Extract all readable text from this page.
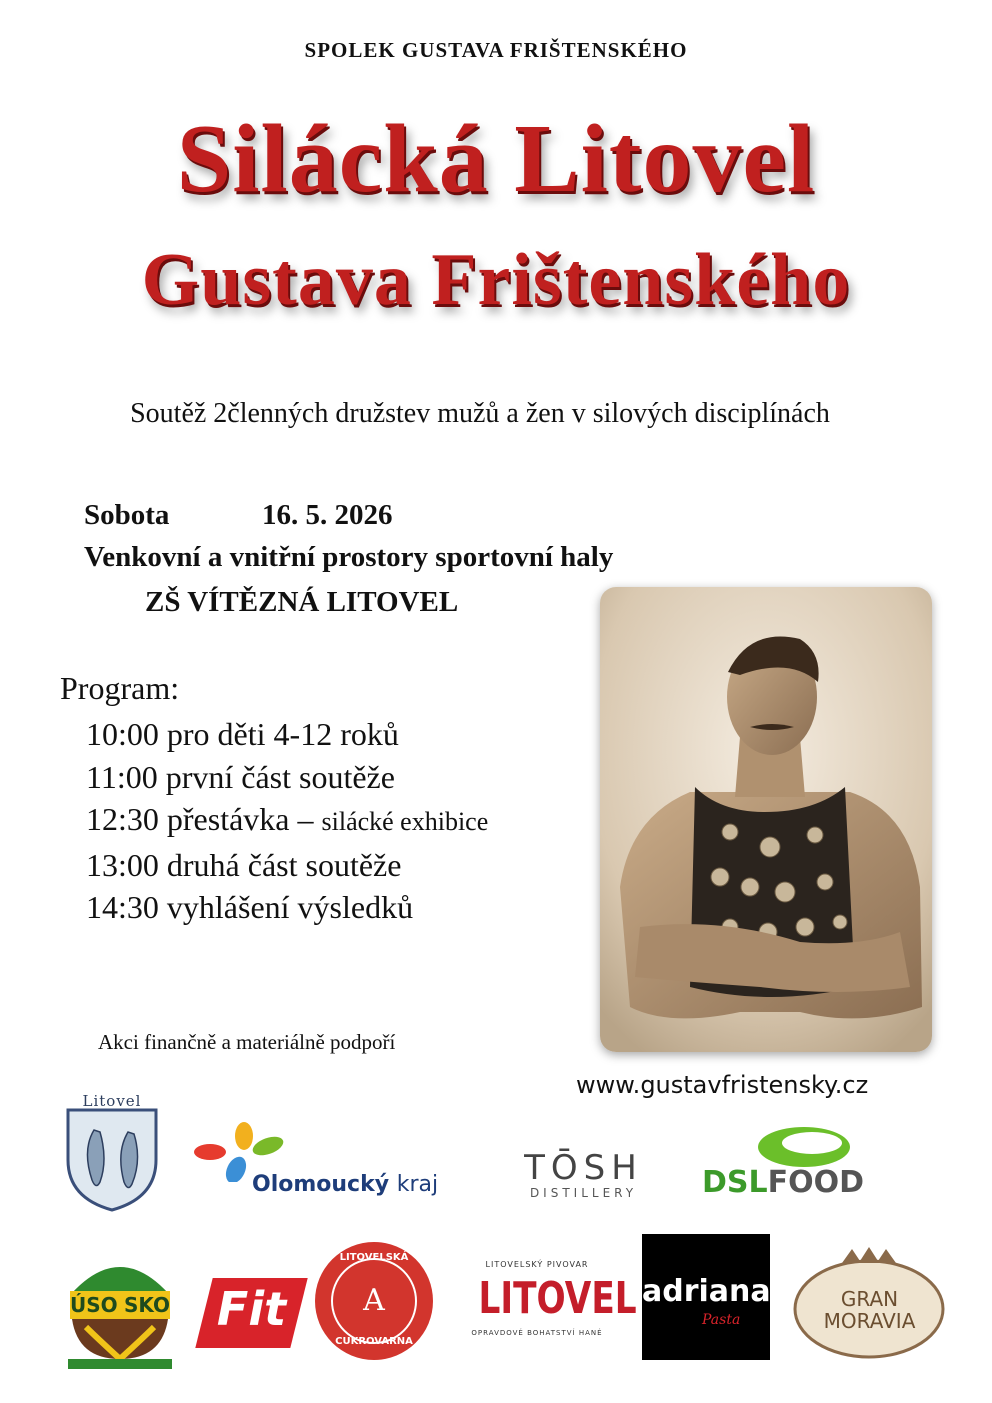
SPOLEK GUSTAVA FRIŠTENSKÉHO
Silácká Litovel
Gustava Frištenského
Soutěž 2členných družstev mužů a žen v silových disciplínách
Sobota	16. 5. 2026
Venkovní a vnitřní prostory sportovní haly
ZŠ VÍTĚZNÁ LITOVEL
Program:
10:00 pro děti 4-12 roků
11:00 první část soutěže
12:30 přestávka – silácké exhibice
13:00 druhá část soutěže
14:30 vyhlášení výsledků
Akci finančně a materiálně podpoří
www.gustavfristensky.cz
Litovel
Olomoucký kraj	TŌSH
DISTILLERY	DSLFOOD
ÚSO SKO Fit	A
LITOVELSKÁ
CUKROVARNA
LITOVELSKÝ PIVOVAR
LITOVEL
OPRAVDOVÉ BOHATSTVÍ HANÉ
adriana
Pasta
GRAN
MORAVIA
